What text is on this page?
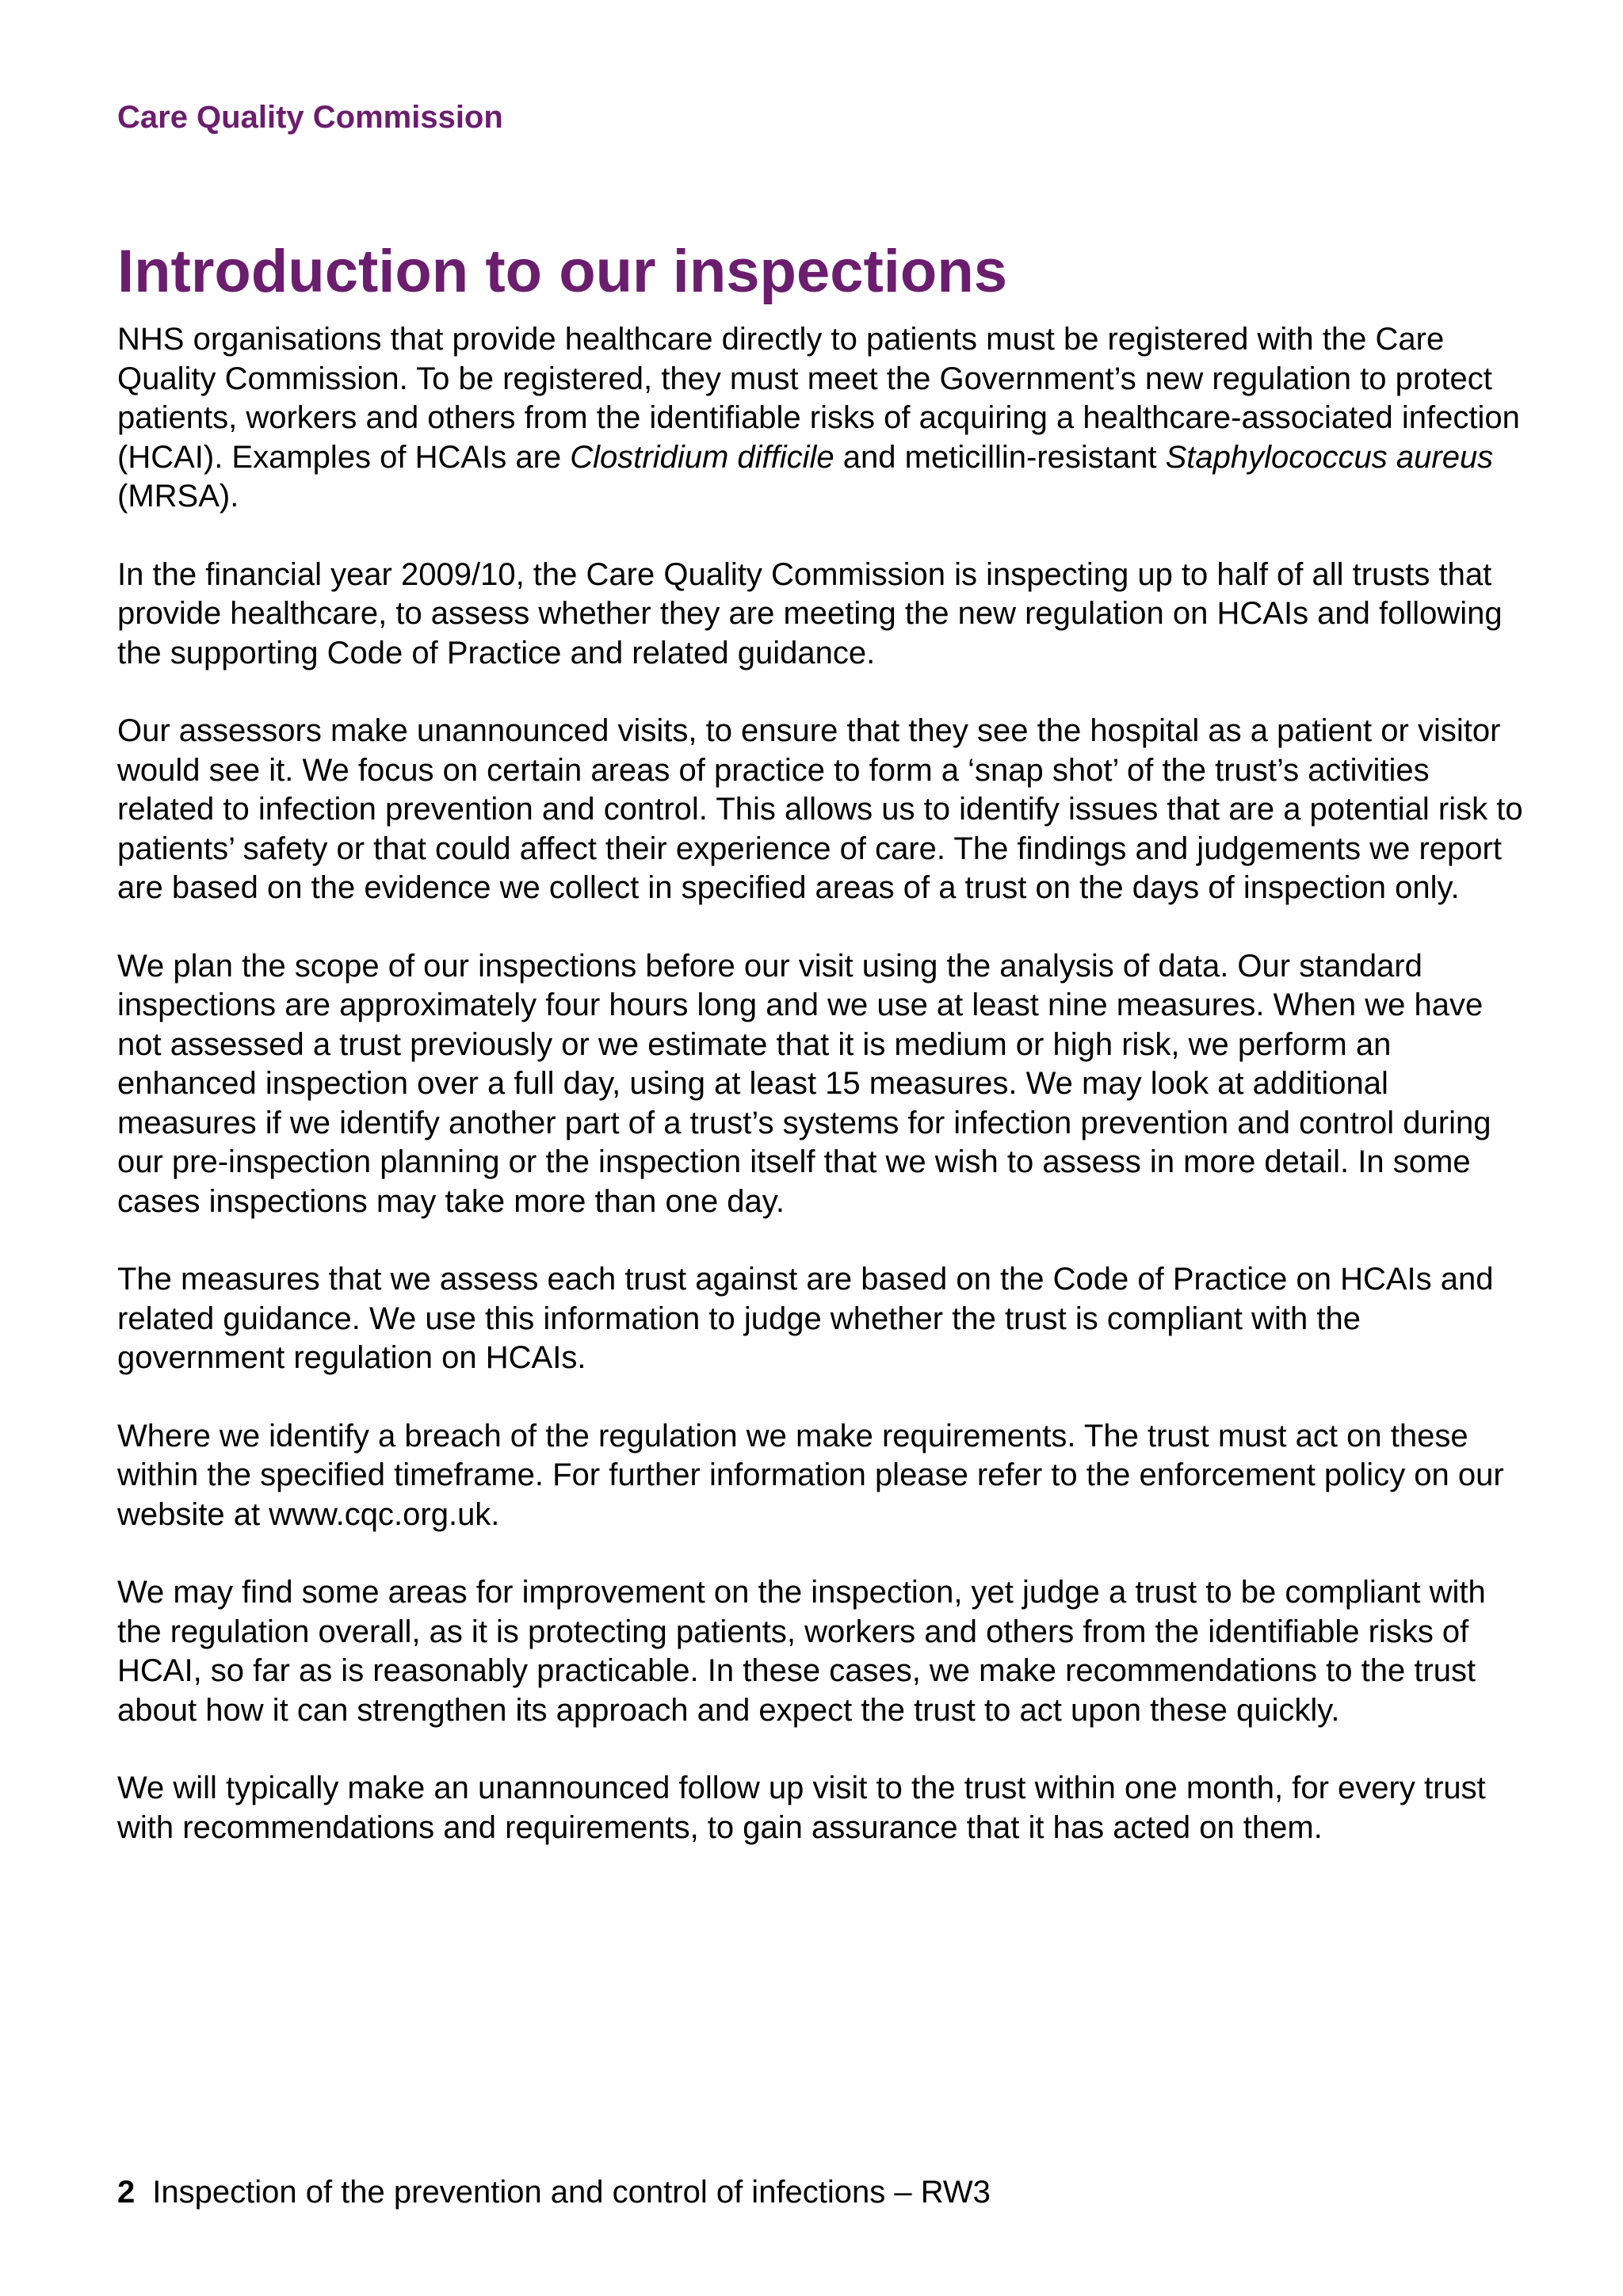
Care Quality Commission
Introduction to our inspections

NHS organisations that provide healthcare directly to patients must be registered with the Care Quality Commission. To be registered, they must meet the Government’s new regulation to protect patients, workers and others from the identifiable risks of acquiring a healthcare-associated infection (HCAI). Examples of HCAIs are Clostridium difficile and meticillin-resistant Staphylococcus aureus (MRSA).

In the financial year 2009/10, the Care Quality Commission is inspecting up to half of all trusts that provide healthcare, to assess whether they are meeting the new regulation on HCAIs and following the supporting Code of Practice and related guidance.

Our assessors make unannounced visits, to ensure that they see the hospital as a patient or visitor would see it. We focus on certain areas of practice to form a ‘snap shot’ of the trust’s activities related to infection prevention and control. This allows us to identify issues that are a potential risk to patients’ safety or that could affect their experience of care. The findings and judgements we report are based on the evidence we collect in specified areas of a trust on the days of inspection only.

We plan the scope of our inspections before our visit using the analysis of data. Our standard inspections are approximately four hours long and we use at least nine measures. When we have not assessed a trust previously or we estimate that it is medium or high risk, we perform an enhanced inspection over a full day, using at least 15 measures. We may look at additional measures if we identify another part of a trust’s systems for infection prevention and control during our pre-inspection planning or the inspection itself that we wish to assess in more detail. In some cases inspections may take more than one day.

The measures that we assess each trust against are based on the Code of Practice on HCAIs and related guidance. We use this information to judge whether the trust is compliant with the government regulation on HCAIs.

Where we identify a breach of the regulation we make requirements. The trust must act on these within the specified timeframe. For further information please refer to the enforcement policy on our website at www.cqc.org.uk.

We may find some areas for improvement on the inspection, yet judge a trust to be compliant with the regulation overall, as it is protecting patients, workers and others from the identifiable risks of HCAI, so far as is reasonably practicable. In these cases, we make recommendations to the trust about how it can strengthen its approach and expect the trust to act upon these quickly.

We will typically make an unannounced follow up visit to the trust within one month, for every trust with recommendations and requirements, to gain assurance that it has acted on them.

2 Inspection of the prevention and control of infections – RW3
